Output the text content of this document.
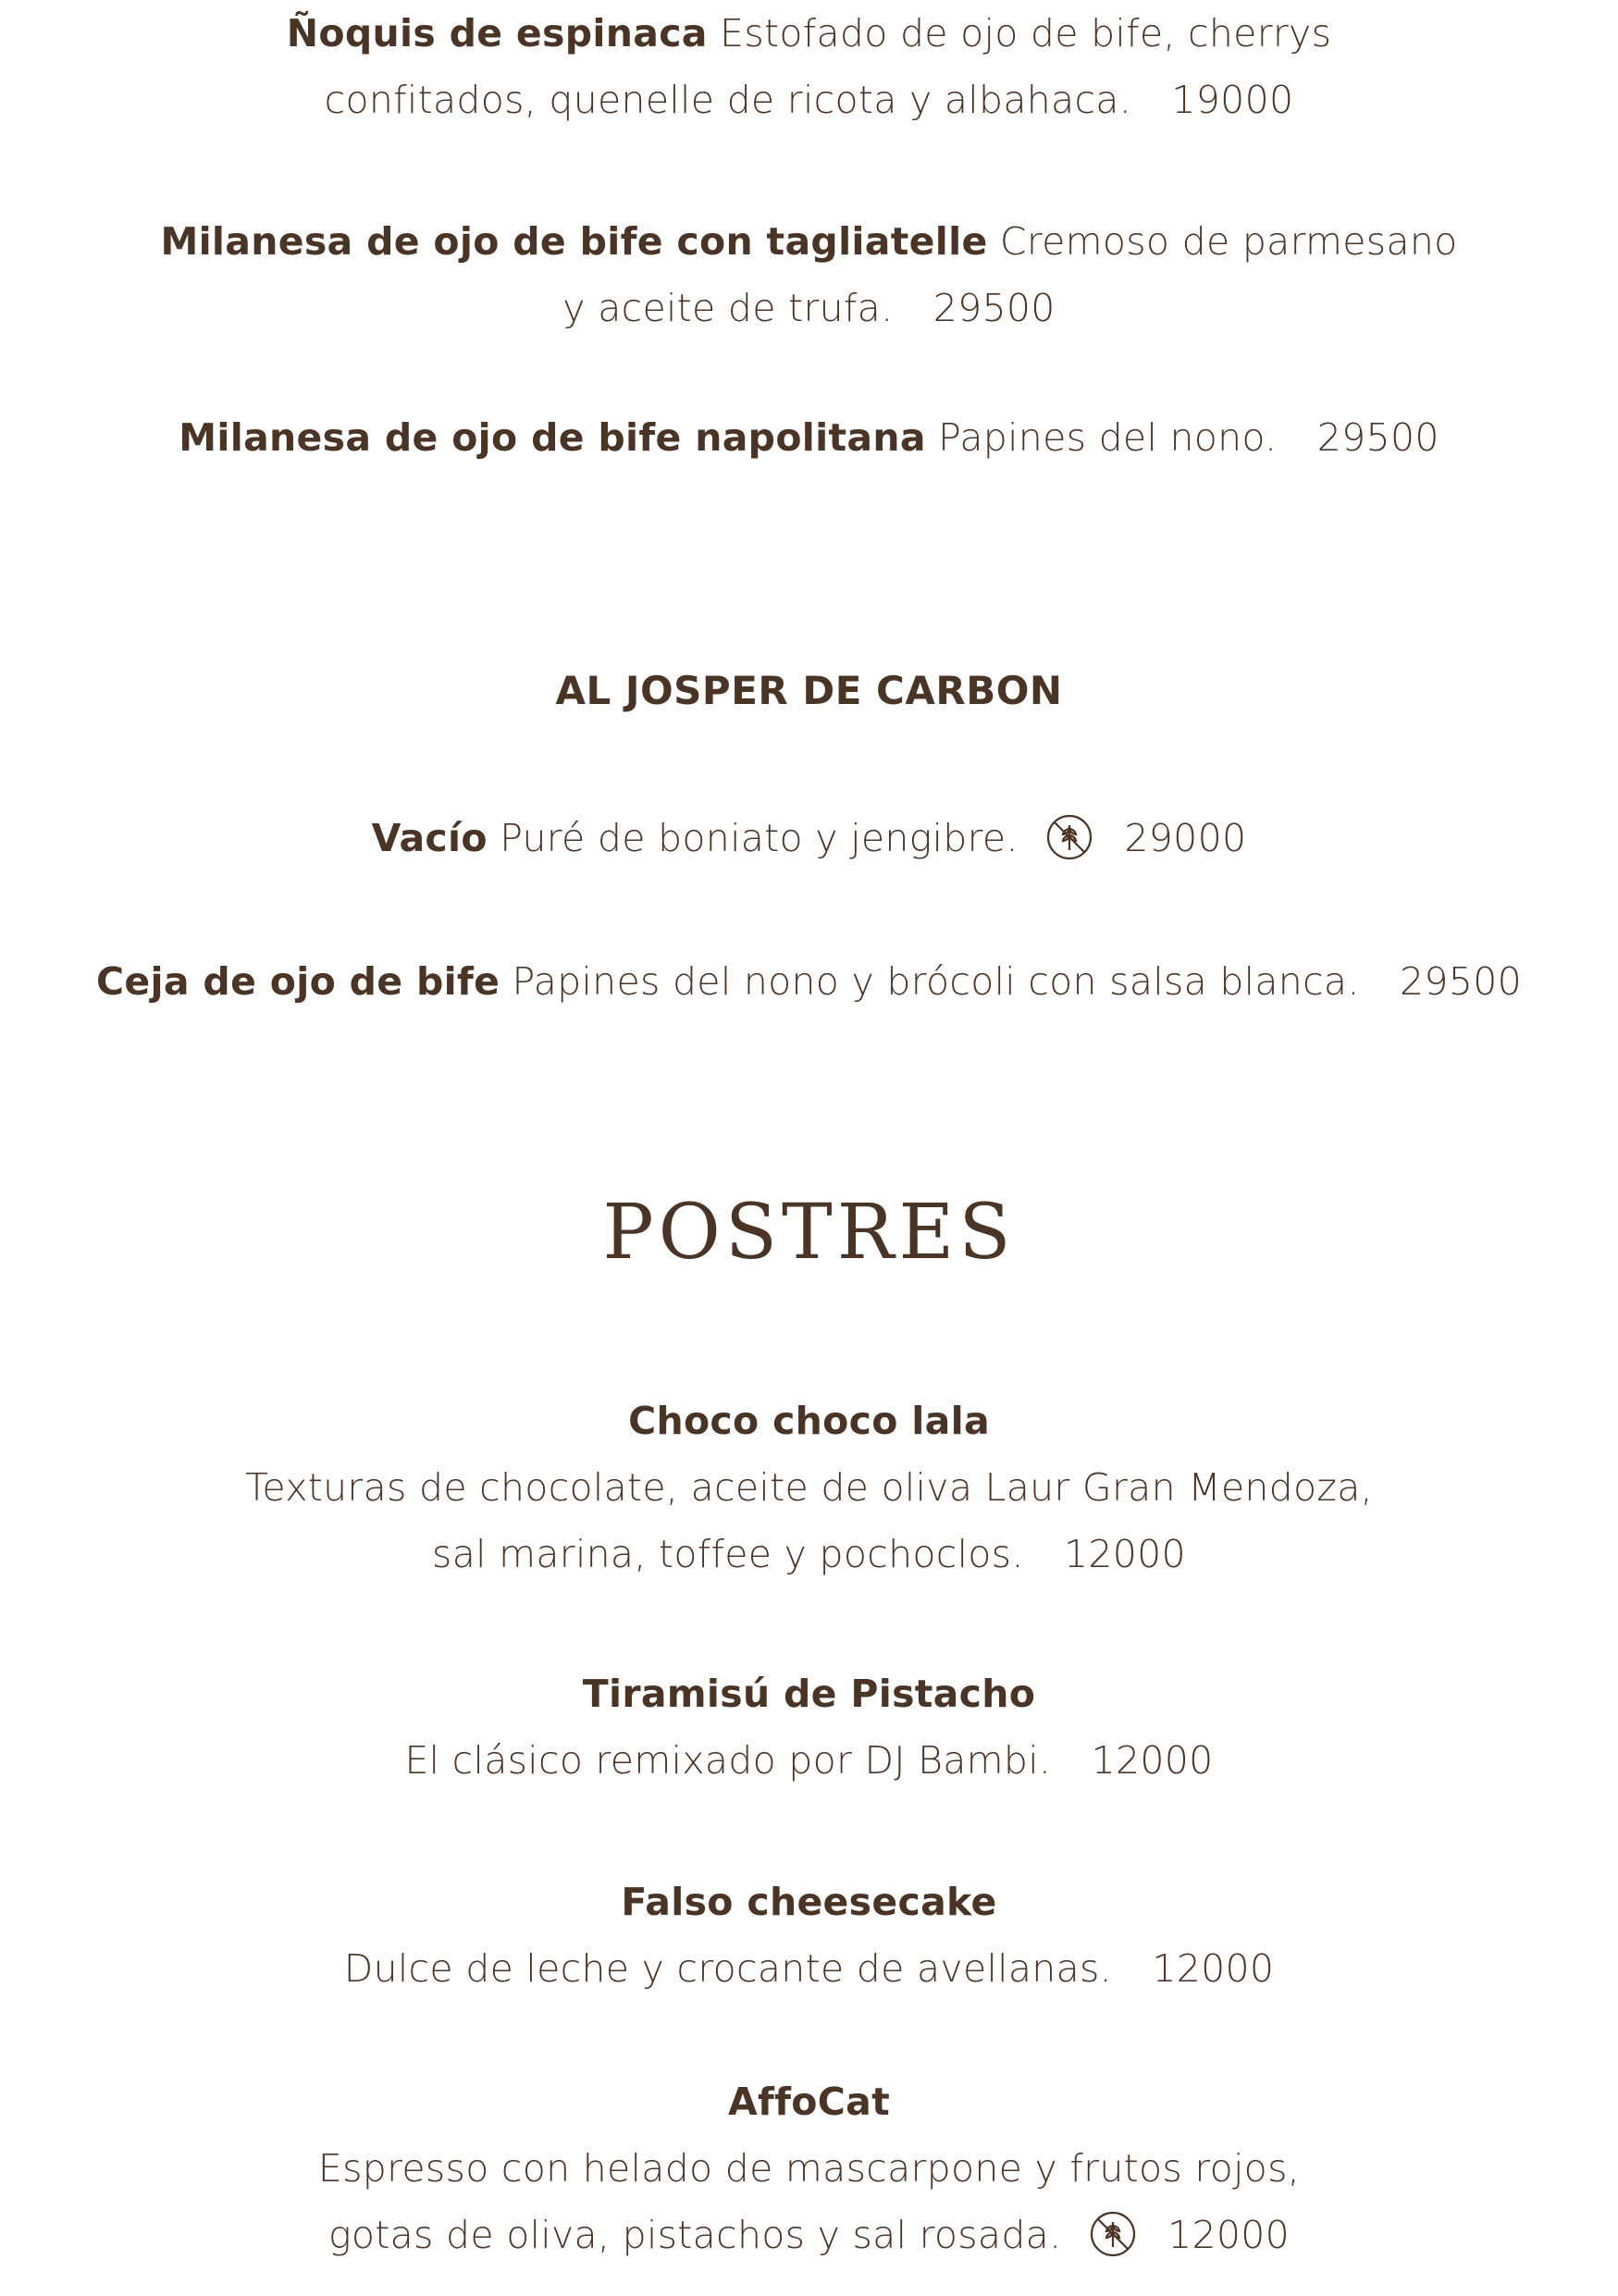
Ñoquis de espinaca Estofado de ojo de bife, cherrys
confitados, quenelle de ricota y albahaca. 19000
Milanesa de ojo de bife con tagliatelle Cremoso de parmesano
y aceite de trufa. 29500
Milanesa de ojo de bife napolitana Papines del nono. 29500
AL JOSPER DE CARBON
Vacío Puré de boniato y jengibre.	29000
Ceja de ojo de bife Papines del nono y brócoli con salsa blanca. 29500
POSTRES
Choco choco lala
Texturas de chocolate, aceite de oliva Laur Gran Mendoza,
sal marina, toffee y pochoclos. 12000
Tiramisú de Pistacho
El clásico remixado por DJ Bambi. 12000
Falso cheesecake
Dulce de leche y crocante de avellanas. 12000
AffoCat
Espresso con helado de mascarpone y frutos rojos,
gotas de oliva, pistachos y sal rosada.	12000
